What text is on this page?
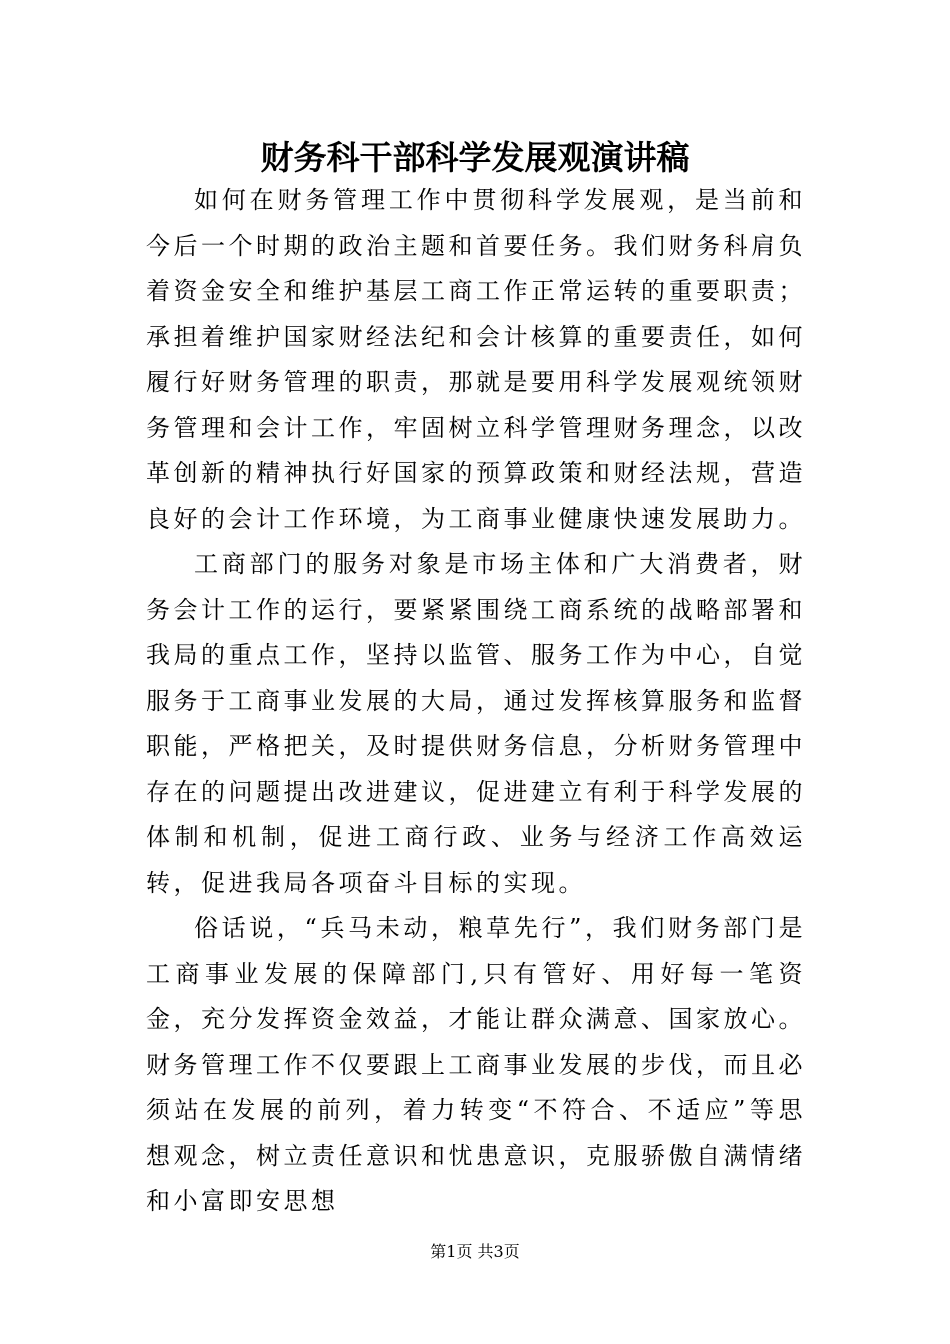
财务科干部科学发展观演讲稿

如何在财务管理工作中贯彻科学发展观，是当前和今后一个时期的政治主题和首要任务。我们财务科肩负着资金安全和维护基层工商工作正常运转的重要职责；承担着维护国家财经法纪和会计核算的重要责任，如何履行好财务管理的职责，那就是要用科学发展观统领财务管理和会计工作，牢固树立科学管理财务理念，以改革创新的精神执行好国家的预算政策和财经法规，营造良好的会计工作环境，为工商事业健康快速发展助力。

工商部门的服务对象是市场主体和广大消费者，财务会计工作的运行，要紧紧围绕工商系统的战略部署和我局的重点工作，坚持以监管、服务工作为中心，自觉服务于工商事业发展的大局，通过发挥核算服务和监督职能，严格把关，及时提供财务信息，分析财务管理中存在的问题提出改进建议，促进建立有利于科学发展的体制和机制，促进工商行政、业务与经济工作高效运转，促进我局各项奋斗目标的实现。

俗话说，“兵马未动，粮草先行”，我们财务部门是工商事业发展的保障部门,只有管好、用好每一笔资金，充分发挥资金效益，才能让群众满意、国家放心。财务管理工作不仅要跟上工商事业发展的步伐，而且必须站在发展的前列，着力转变“不符合、不适应”等思想观念，树立责任意识和忧患意识，克服骄傲自满情绪和小富即安思想

第1页 共3页
